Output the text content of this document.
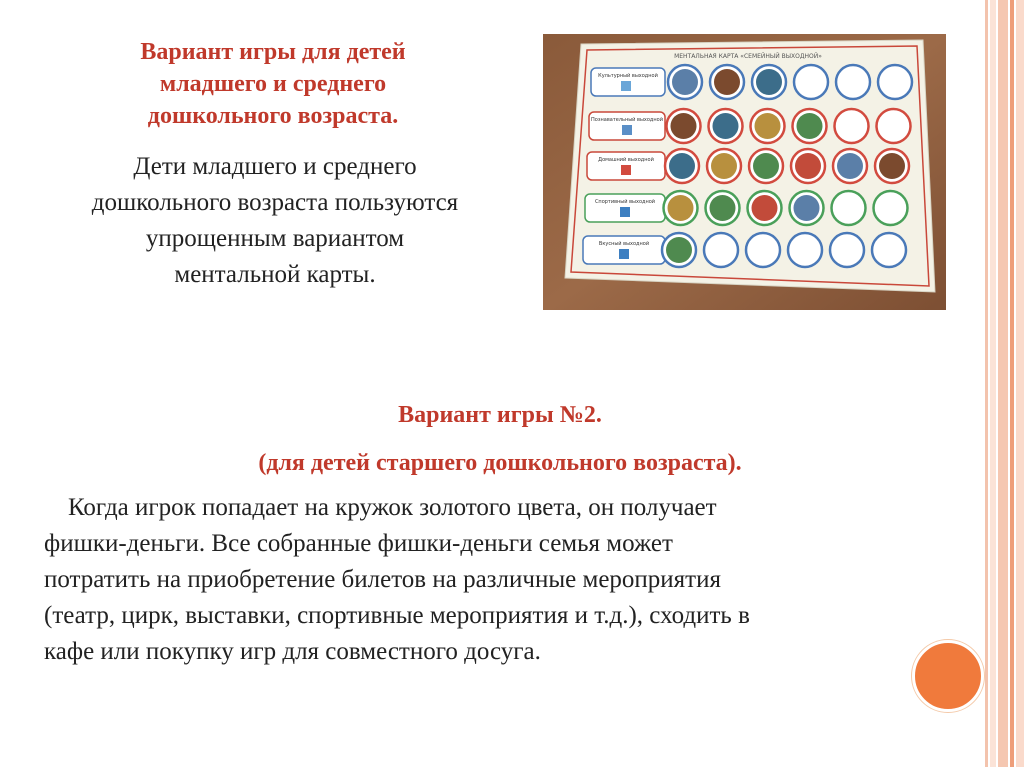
Вариант игры для детей
младшего и среднего
дошкольного возраста.
Дети младшего и среднего
дошкольного возраста пользуются
упрощенным вариантом
ментальной карты.
МЕНТАЛЬНАЯ КАРТА «СЕМЕЙНЫЙ ВЫХОДНОЙ»
Культурный выходной
Познавательный выходной
Домашний выходной
Спортивный выходной
Вкусный выходной
Вариант игры №2.
(для детей старшего дошкольного возраста).
Когда игрок попадает на кружок золотого цвета, он получает
фишки-деньги. Все собранные фишки-деньги семья может
потратить на приобретение билетов на различные мероприятия
(театр, цирк, выставки, спортивные мероприятия и т.д.), сходить в
кафе или покупку игр для совместного досуга.
